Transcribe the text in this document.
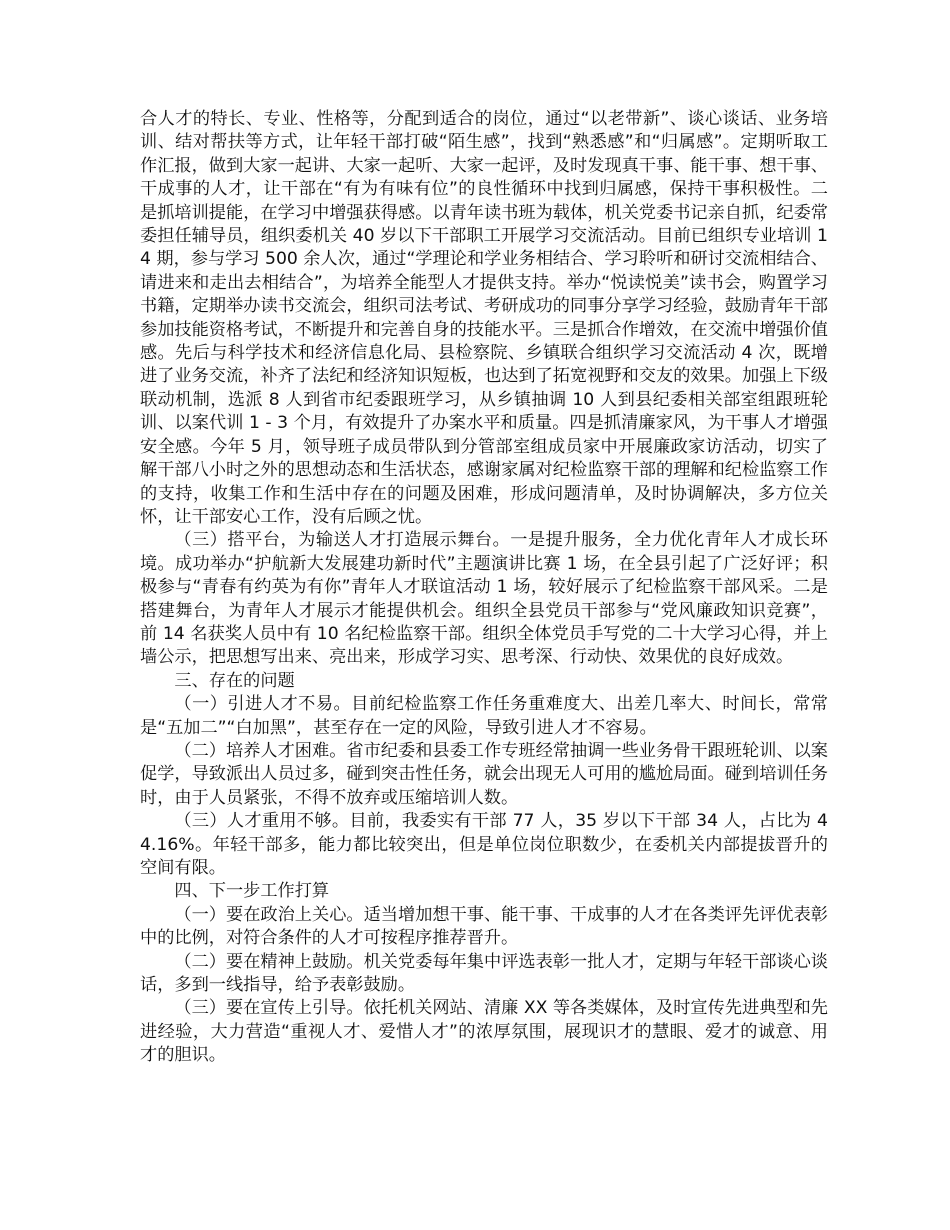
合人才的特长、专业、性格等，分配到适合的岗位，通过“以老带新”、谈心谈话、业务培训、结对帮扶等方式，让年轻干部打破“陌生感”，找到“熟悉感”和“归属感”。定期听取工作汇报，做到大家一起讲、大家一起听、大家一起评，及时发现真干事、能干事、想干事、干成事的人才，让干部在“有为有味有位”的良性循环中找到归属感，保持干事积极性。二是抓培训提能，在学习中增强获得感。以青年读书班为载体，机关党委书记亲自抓，纪委常委担任辅导员，组织委机关 40 岁以下干部职工开展学习交流活动。目前已组织专业培训 14 期，参与学习 500 余人次，通过“学理论和学业务相结合、学习聆听和研讨交流相结合、请进来和走出去相结合”，为培养全能型人才提供支持。举办“悦读悦美”读书会，购置学习书籍，定期举办读书交流会，组织司法考试、考研成功的同事分享学习经验，鼓励青年干部参加技能资格考试，不断提升和完善自身的技能水平。三是抓合作增效，在交流中增强价值感。先后与科学技术和经济信息化局、县检察院、乡镇联合组织学习交流活动 4 次，既增进了业务交流，补齐了法纪和经济知识短板，也达到了拓宽视野和交友的效果。加强上下级联动机制，选派 8 人到省市纪委跟班学习，从乡镇抽调 10 人到县纪委相关部室组跟班轮训、以案代训 1 - 3 个月，有效提升了办案水平和质量。四是抓清廉家风，为干事人才增强安全感。今年 5 月，领导班子成员带队到分管部室组成员家中开展廉政家访活动，切实了解干部八小时之外的思想动态和生活状态，感谢家属对纪检监察干部的理解和纪检监察工作的支持，收集工作和生活中存在的问题及困难，形成问题清单，及时协调解决，多方位关怀，让干部安心工作，没有后顾之忧。

（三）搭平台，为输送人才打造展示舞台。一是提升服务，全力优化青年人才成长环境。成功举办“护航新大发展建功新时代”主题演讲比赛 1 场，在全县引起了广泛好评；积极参与“青春有约英为有你”青年人才联谊活动 1 场，较好展示了纪检监察干部风采。二是搭建舞台，为青年人才展示才能提供机会。组织全县党员干部参与“党风廉政知识竞赛”，前 14 名获奖人员中有 10 名纪检监察干部。组织全体党员手写党的二十大学习心得，并上墙公示，把思想写出来、亮出来，形成学习实、思考深、行动快、效果优的良好成效。

三、存在的问题

（一）引进人才不易。目前纪检监察工作任务重难度大、出差几率大、时间长，常常是“五加二”“白加黑”，甚至存在一定的风险，导致引进人才不容易。

（二）培养人才困难。省市纪委和县委工作专班经常抽调一些业务骨干跟班轮训、以案促学，导致派出人员过多，碰到突击性任务，就会出现无人可用的尴尬局面。碰到培训任务时，由于人员紧张，不得不放弃或压缩培训人数。

（三）人才重用不够。目前，我委实有干部 77 人，35 岁以下干部 34 人，占比为 44.16%。年轻干部多，能力都比较突出，但是单位岗位职数少，在委机关内部提拔晋升的空间有限。

四、下一步工作打算

（一）要在政治上关心。适当增加想干事、能干事、干成事的人才在各类评先评优表彰中的比例，对符合条件的人才可按程序推荐晋升。

（二）要在精神上鼓励。机关党委每年集中评选表彰一批人才，定期与年轻干部谈心谈话，多到一线指导，给予表彰鼓励。

（三）要在宣传上引导。依托机关网站、清廉 XX 等各类媒体，及时宣传先进典型和先进经验，大力营造“重视人才、爱惜人才”的浓厚氛围，展现识才的慧眼、爱才的诚意、用才的胆识。
